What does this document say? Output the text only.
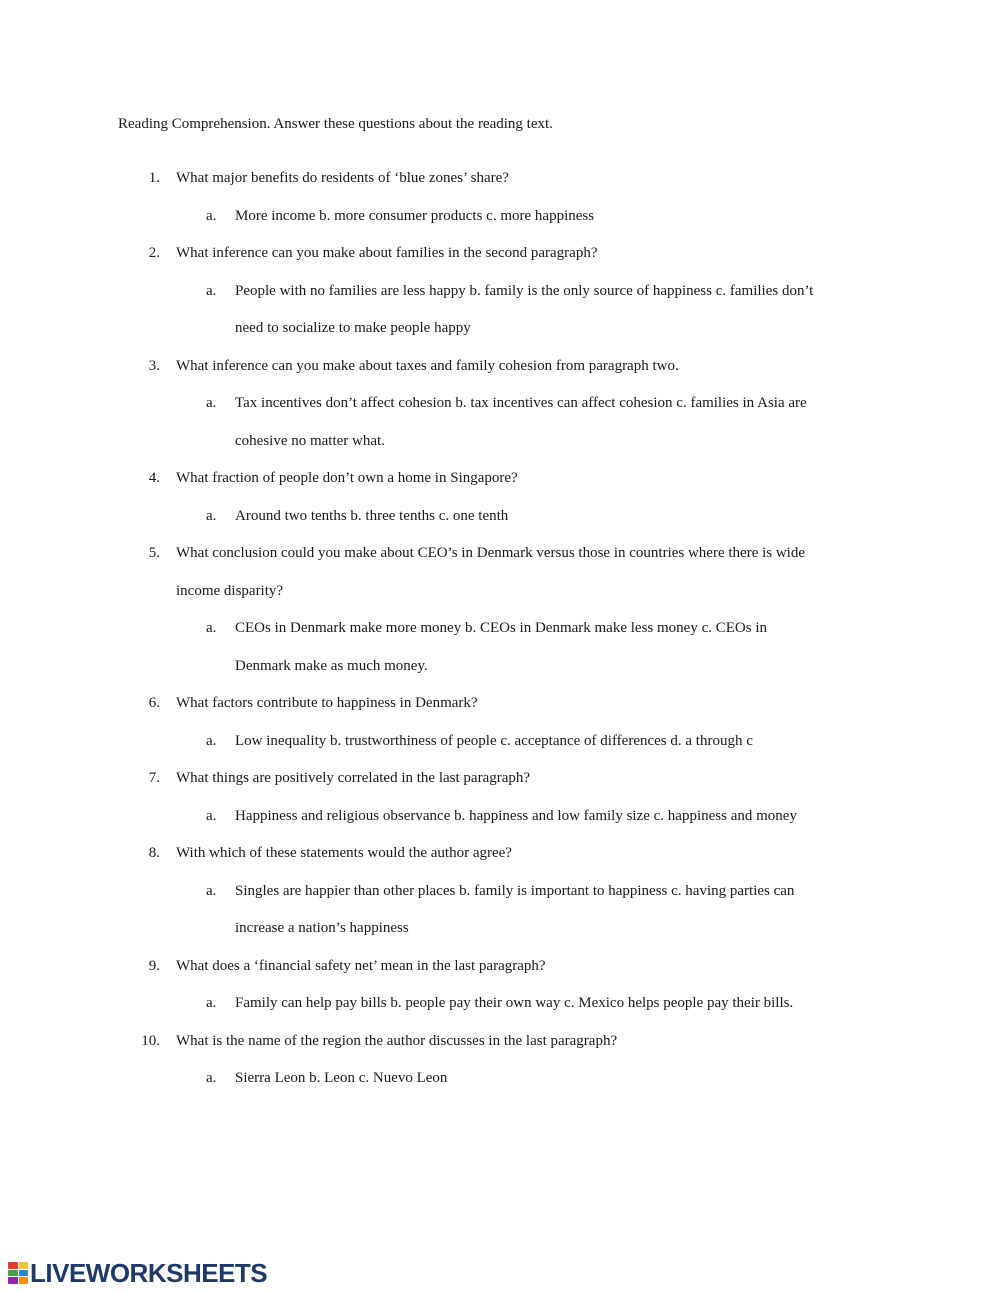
Reading Comprehension. Answer these questions about the reading text.
1. What major benefits do residents of ‘blue zones’ share?
a. More income b. more consumer products c. more happiness
2. What inference can you make about families in the second paragraph?
a. People with no families are less happy b. family is the only source of happiness c. families don’t
need to socialize to make people happy
3. What inference can you make about taxes and family cohesion from paragraph two.
a. Tax incentives don’t affect cohesion b. tax incentives can affect cohesion c. families in Asia are
cohesive no matter what.
4. What fraction of people don’t own a home in Singapore?
a. Around two tenths b. three tenths c. one tenth
5. What conclusion could you make about CEO’s in Denmark versus those in countries where there is wide
income disparity?
a. CEOs in Denmark make more money b. CEOs in Denmark make less money c. CEOs in
Denmark make as much money.
6. What factors contribute to happiness in Denmark?
a. Low inequality b. trustworthiness of people c. acceptance of differences d. a through c
7. What things are positively correlated in the last paragraph?
a. Happiness and religious observance b. happiness and low family size c. happiness and money
8. With which of these statements would the author agree?
a. Singles are happier than other places b. family is important to happiness c. having parties can
increase a nation’s happiness
9. What does a ‘financial safety net’ mean in the last paragraph?
a. Family can help pay bills b. people pay their own way c. Mexico helps people pay their bills.
10. What is the name of the region the author discusses in the last paragraph?
a. Sierra Leon b. Leon c. Nuevo Leon
LIVEWORKSHEETS
